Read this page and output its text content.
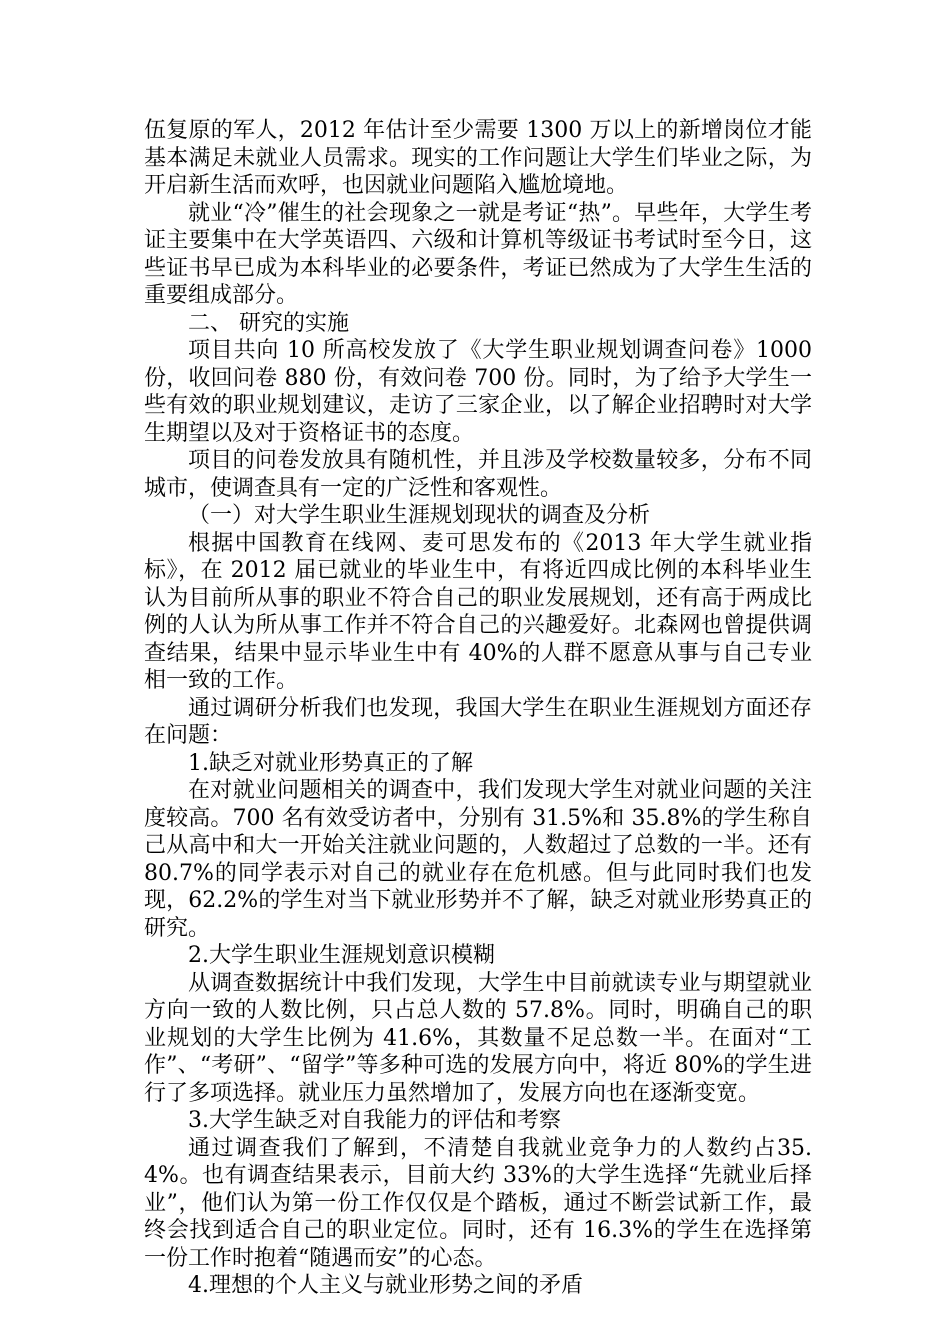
伍复原的军人，2012 年估计至少需要 1300 万以上的新增岗位才能基本满足未就业人员需求。现实的工作问题让大学生们毕业之际，为开启新生活而欢呼，也因就业问题陷入尴尬境地。

就业“冷”催生的社会现象之一就是考证“热”。早些年，大学生考证主要集中在大学英语四、六级和计算机等级证书考试时至今日，这些证书早已成为本科毕业的必要条件，考证已然成为了大学生生活的重要组成部分。

二、 研究的实施

项目共向 10 所高校发放了《大学生职业规划调查问卷》1000份，收回问卷 880 份，有效问卷 700 份。同时，为了给予大学生一些有效的职业规划建议，走访了三家企业，以了解企业招聘时对大学生期望以及对于资格证书的态度。

项目的问卷发放具有随机性，并且涉及学校数量较多，分布不同城市，使调查具有一定的广泛性和客观性。

（一）对大学生职业生涯规划现状的调查及分析

根据中国教育在线网、麦可思发布的《2013 年大学生就业指标》，在 2012 届已就业的毕业生中，有将近四成比例的本科毕业生认为目前所从事的职业不符合自己的职业发展规划，还有高于两成比例的人认为所从事工作并不符合自己的兴趣爱好。北森网也曾提供调查结果，结果中显示毕业生中有 40%的人群不愿意从事与自己专业相一致的工作。

通过调研分析我们也发现，我国大学生在职业生涯规划方面还存在问题：

1.缺乏对就业形势真正的了解

在对就业问题相关的调查中，我们发现大学生对就业问题的关注度较高。700 名有效受访者中，分别有 31.5%和 35.8%的学生称自己从高中和大一开始关注就业问题的，人数超过了总数的一半。还有 80.7%的同学表示对自己的就业存在危机感。但与此同时我们也发现，62.2%的学生对当下就业形势并不了解，缺乏对就业形势真正的研究。

2.大学生职业生涯规划意识模糊

从调查数据统计中我们发现，大学生中目前就读专业与期望就业方向一致的人数比例，只占总人数的 57.8%。同时，明确自己的职业规划的大学生比例为 41.6%，其数量不足总数一半。在面对“工作”、“考研”、“留学”等多种可选的发展方向中，将近 80%的学生进行了多项选择。就业压力虽然增加了，发展方向也在逐渐变宽。

3.大学生缺乏对自我能力的评估和考察

通过调查我们了解到，不清楚自我就业竞争力的人数约占35.4%。也有调查结果表示，目前大约 33%的大学生选择“先就业后择业”，他们认为第一份工作仅仅是个踏板，通过不断尝试新工作，最终会找到适合自己的职业定位。同时，还有 16.3%的学生在选择第一份工作时抱着“随遇而安”的心态。

4.理想的个人主义与就业形势之间的矛盾
